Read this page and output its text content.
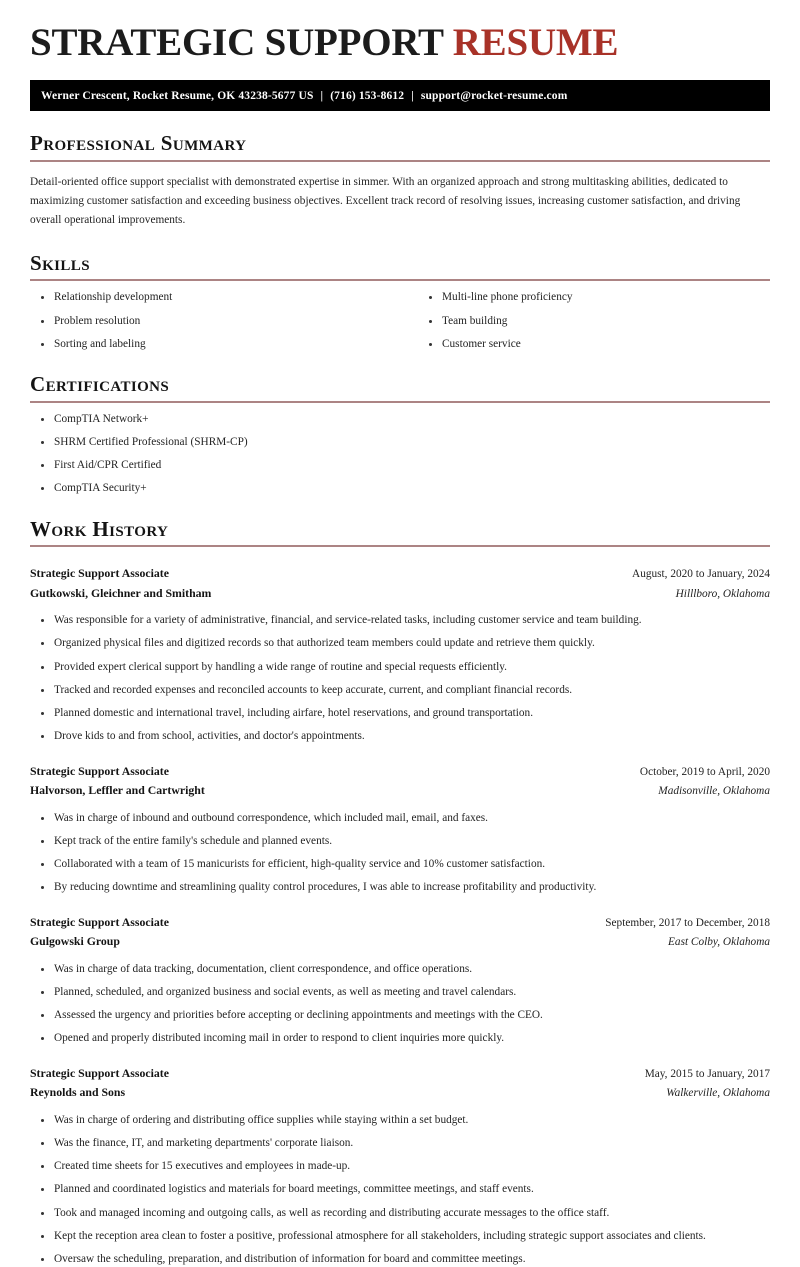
STRATEGIC SUPPORT RESUME
Werner Crescent, Rocket Resume, OK 43238-5677 US | (716) 153-8612 | support@rocket-resume.com
Professional Summary

Detail-oriented office support specialist with demonstrated expertise in simmer. With an organized approach and strong multitasking abilities, dedicated to maximizing customer satisfaction and exceeding business objectives. Excellent track record of resolving issues, increasing customer satisfaction, and driving overall operational improvements.

Skills
Relationship development
Problem resolution
Sorting and labeling
Multi-line phone proficiency
Team building
Customer service
Certifications
CompTIA Network+
SHRM Certified Professional (SHRM-CP)
First Aid/CPR Certified
CompTIA Security+
Work History
Strategic Support Associate	August, 2020 to January, 2024
Gutkowski, Gleichner and Smitham	Hilllboro, Oklahoma
Was responsible for a variety of administrative, financial, and service-related tasks, including customer service and team building.
Organized physical files and digitized records so that authorized team members could update and retrieve them quickly.
Provided expert clerical support by handling a wide range of routine and special requests efficiently.
Tracked and recorded expenses and reconciled accounts to keep accurate, current, and compliant financial records.
Planned domestic and international travel, including airfare, hotel reservations, and ground transportation.
Drove kids to and from school, activities, and doctor's appointments.
Strategic Support Associate	October, 2019 to April, 2020
Halvorson, Leffler and Cartwright	Madisonville, Oklahoma
Was in charge of inbound and outbound correspondence, which included mail, email, and faxes.
Kept track of the entire family's schedule and planned events.
Collaborated with a team of 15 manicurists for efficient, high-quality service and 10% customer satisfaction.
By reducing downtime and streamlining quality control procedures, I was able to increase profitability and productivity.
Strategic Support Associate	September, 2017 to December, 2018
Gulgowski Group	East Colby, Oklahoma
Was in charge of data tracking, documentation, client correspondence, and office operations.
Planned, scheduled, and organized business and social events, as well as meeting and travel calendars.
Assessed the urgency and priorities before accepting or declining appointments and meetings with the CEO.
Opened and properly distributed incoming mail in order to respond to client inquiries more quickly.
Strategic Support Associate	May, 2015 to January, 2017
Reynolds and Sons	Walkerville, Oklahoma
Was in charge of ordering and distributing office supplies while staying within a set budget.
Was the finance, IT, and marketing departments' corporate liaison.
Created time sheets for 15 executives and employees in made-up.
Planned and coordinated logistics and materials for board meetings, committee meetings, and staff events.
Took and managed incoming and outgoing calls, as well as recording and distributing accurate messages to the office staff.
Kept the reception area clean to foster a positive, professional atmosphere for all stakeholders, including strategic support associates and clients.
Oversaw the scheduling, preparation, and distribution of information for board and committee meetings.
